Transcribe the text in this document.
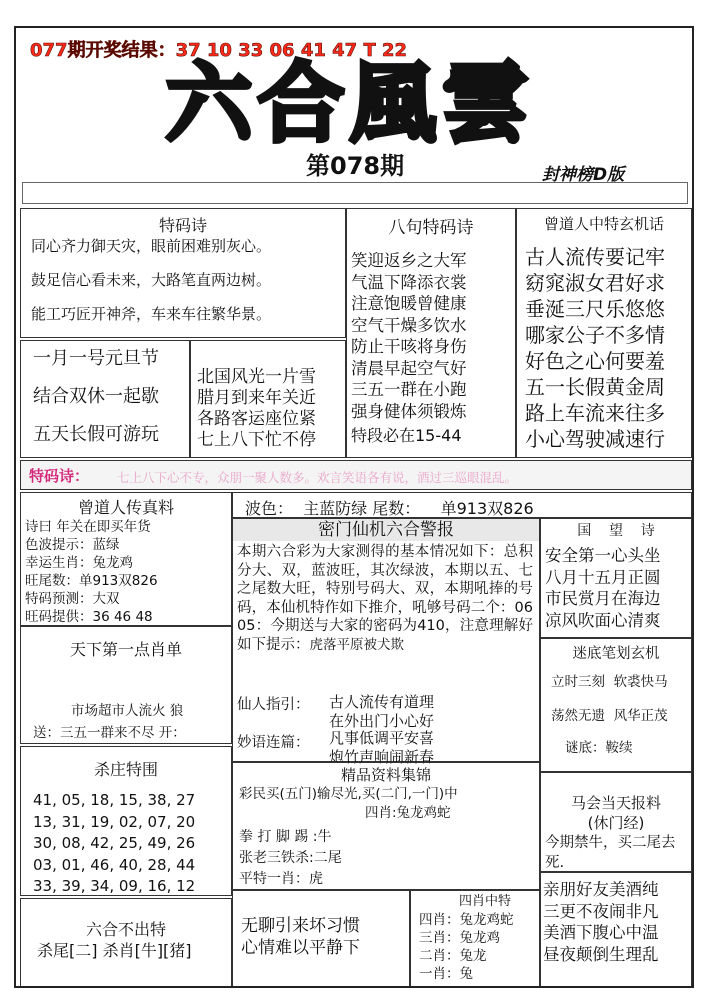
077期开奖结果：37 10 33 06 41 47 T 22
六合風雲
第078期	封神榜D版
特码诗
同心齐力御天灾，眼前困难别灰心。
鼓足信心看未来，大路笔直两边树。
能工巧匠开神斧，车来车往繁华景。
一月一号元旦节
结合双休一起歇
五天长假可游玩
北国风光一片雪
腊月到来年关近
各路客运座位紧
七上八下忙不停
八句特码诗
笑迎返乡之大军
气温下降添衣裳
注意饱暖曾健康
空气干燥多饮水
防止干咳将身伤
清晨早起空气好
三五一群在小跑
强身健体须锻炼
特段必在15-44
曾道人中特玄机话
古人流传要记牢
窈窕淑女君好求
垂涎三尺乐悠悠
哪家公子不多情
好色之心何要羞
五一长假黄金周
路上车流来往多
小心驾驶减速行
特码诗： 七上八下心不专，众朋一聚人数多。欢言笑语各有说，酒过三巡眼混乱。
曾道人传真料
诗曰 年关在即买年货
色波提示：蓝绿
幸运生肖：兔龙鸡
旺尾数：单913双826
特码预测：大双
旺码提供：36 46 48
天下第一点肖单
市场超市人流火 狼
送：三五一群来不尽 开：
杀庄特围
41, 05, 18, 15, 38, 27
13, 31, 19, 02, 07, 20
30, 08, 42, 25, 49, 26
03, 01, 46, 40, 28, 44
33, 39, 34, 09, 16, 12
六合不出特
杀尾[二] 杀肖[牛][猪]
波色：  主蓝防绿 尾数：    单913双826
密门仙机六合警报
本期六合彩为大家测得的基本情况如下：总积分大、双，蓝波旺，其次绿波，本期以五、七之尾数大旺，特别号码大、双，本期吼捧的号码，本仙机特作如下推介，吼够号码二个：06 05：今期送与大家的密码为410，注意理解好如下提示：虎落平原被犬欺
仙人指引： 古人流传有道理
在外出门小心好
妙语连篇： 凡事低调平安喜
炮竹声响闹新春
精品资料集锦
彩民买(五门)输尽光,买(二门,一门)中
四肖:兔龙鸡蛇
拳 打 脚 踢 :牛
张老三铁杀:二尾
平特一肖：虎
无聊引来坏习惯
心情难以平静下
四肖中特
四肖：兔龙鸡蛇
三肖：兔龙鸡
二肖：兔龙
一肖：兔
国    望    诗
安全第一心头坐
八月十五月正圆
市民赏月在海边
凉风吹面心清爽
迷底笔划玄机
立时三刻  软裘快马
荡然无遗  风华正茂
谜底：鞍续
马会当天报料
(休门经)
今期禁牛，买二尾去死.
亲朋好友美酒纯
三更不夜闹非凡
美酒下腹心中温
昼夜颠倒生理乱
